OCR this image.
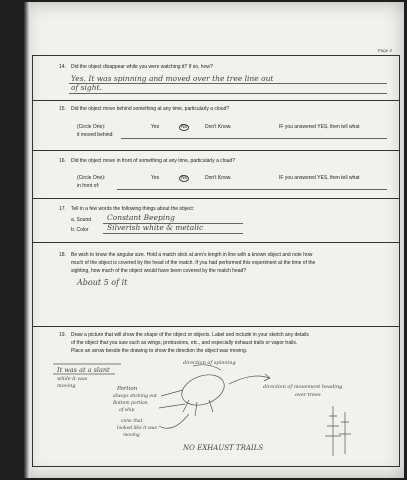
Page 2
14. Did the object disappear while you were watching it? If so, how?
Yes. It was spinning and moved over the tree line out
of sight.
15. Did the object move behind something at any time, particularly a cloud?
(Circle One):	Yes	No	Don't Know.	IF you answered YES, then tell what
it moved behind:
16. Did the object move in front of something at any time, particularly a cloud?
(Circle One):	Yes	No	Don't Know.	IF you answered YES, then tell what
in front of:
17. Tell in a few words the following things about the object:
a. Sound Constant Beeping
b. Color Silverish white & metalic
18. Be wish to know the angular size. Hold a match stick at arm's length in line with a known object and note how
much of the object is covered by the head of the match. If you had performed this experiment at the time of the
sighting, how much of the object would have been covered by the match head?
About 5 of it
19. Draw a picture that will show the shape of the object or objects. Label and include in your sketch any details
of the object that you saw such as wings, protrusions, etc., and especially exhaust trails or vapor trails.
Place an arrow beside the drawing to show the direction the object was moving.
It was at a slant
while it was
moving
direction of spinning
Portion
always sticking out
Bottom portion
of ship
cone that
looked like it was
moving
direction of movement heading
over trees
NO EXHAUST TRAILS
